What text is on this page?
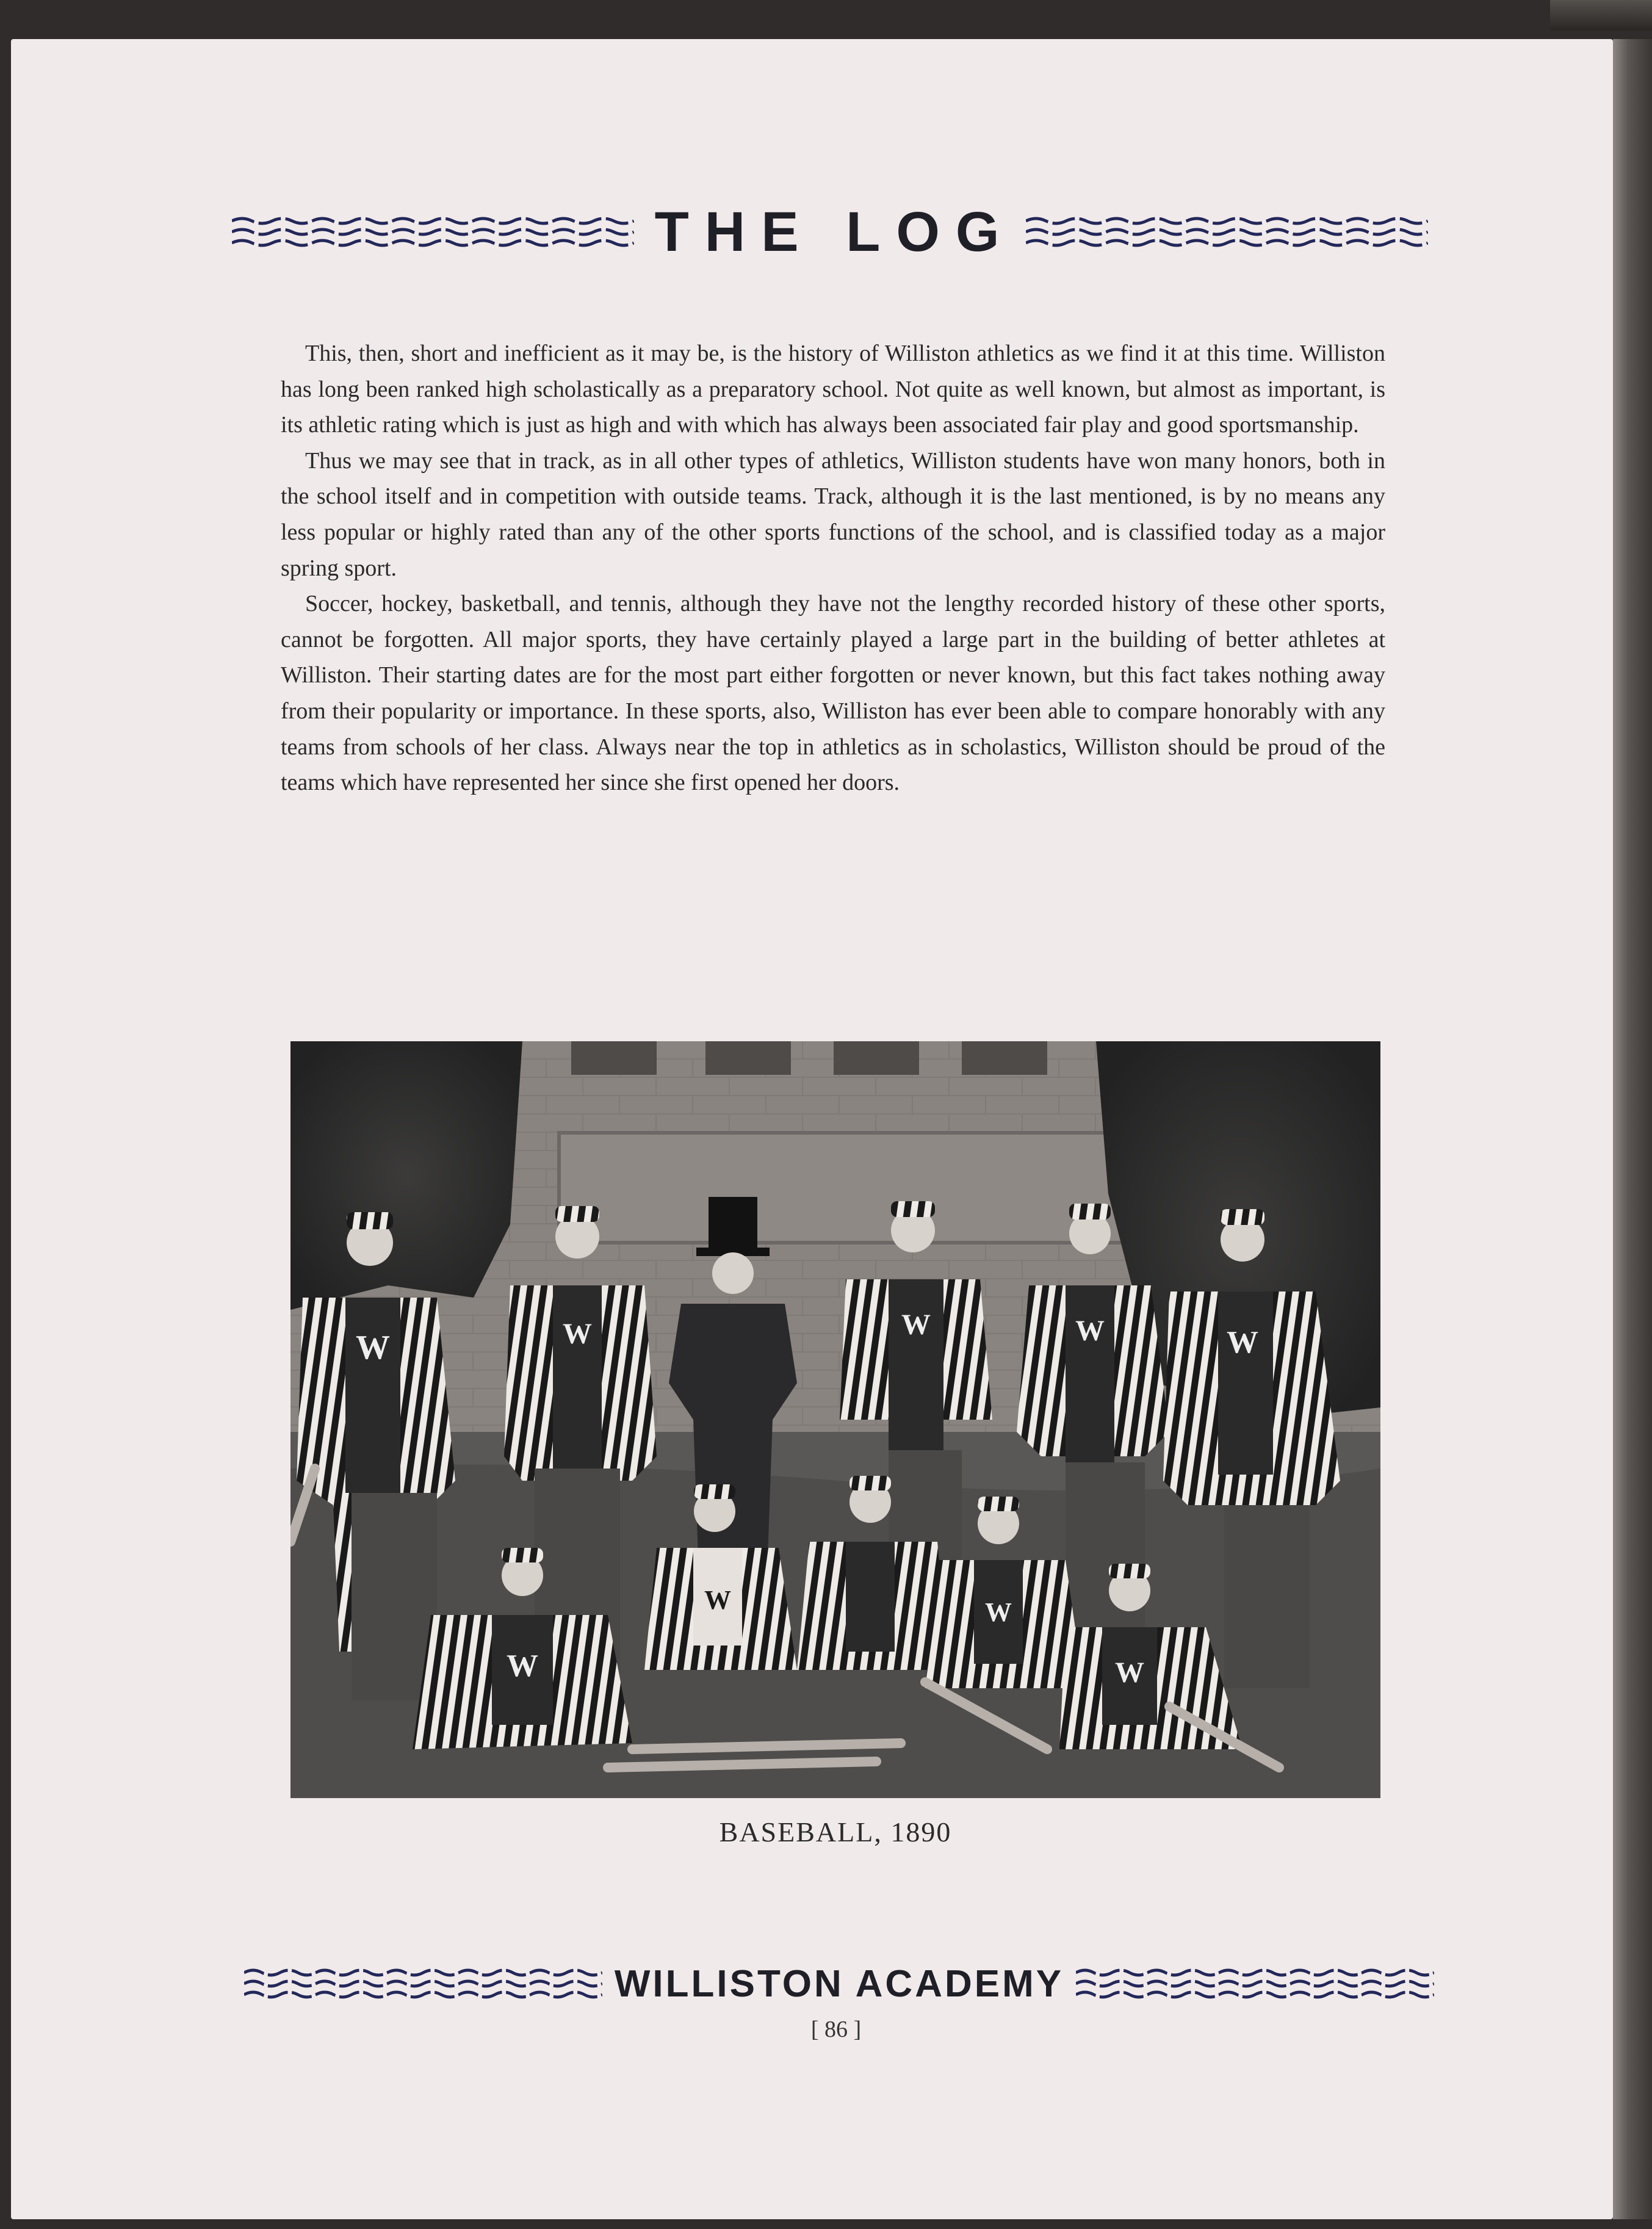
THE LOG

This, then, short and inefficient as it may be, is the history of Williston athletics as we find it at this time. Williston has long been ranked high scholastically as a preparatory school. Not quite as well known, but almost as important, is its athletic rating which is just as high and with which has always been associated fair play and good sportsmanship.

Thus we may see that in track, as in all other types of athletics, Williston students have won many honors, both in the school itself and in competition with outside teams. Track, although it is the last mentioned, is by no means any less popular or highly rated than any of the other sports functions of the school, and is classified today as a major spring sport.

Soccer, hockey, basketball, and tennis, although they have not the lengthy recorded history of these other sports, cannot be forgotten. All major sports, they have certainly played a large part in the building of better athletes at Williston. Their starting dates are for the most part either forgotten or never known, but this fact takes nothing away from their popularity or importance. In these sports, also, Williston has ever been able to compare honorably with any teams from schools of her class. Always near the top in athletics as in scholastics, Williston should be proud of the teams which have represented her since she first opened her doors.

W	W	W	W	W
W
W	W
W
BASEBALL, 1890
WILLISTON ACADEMY
[ 86 ]
